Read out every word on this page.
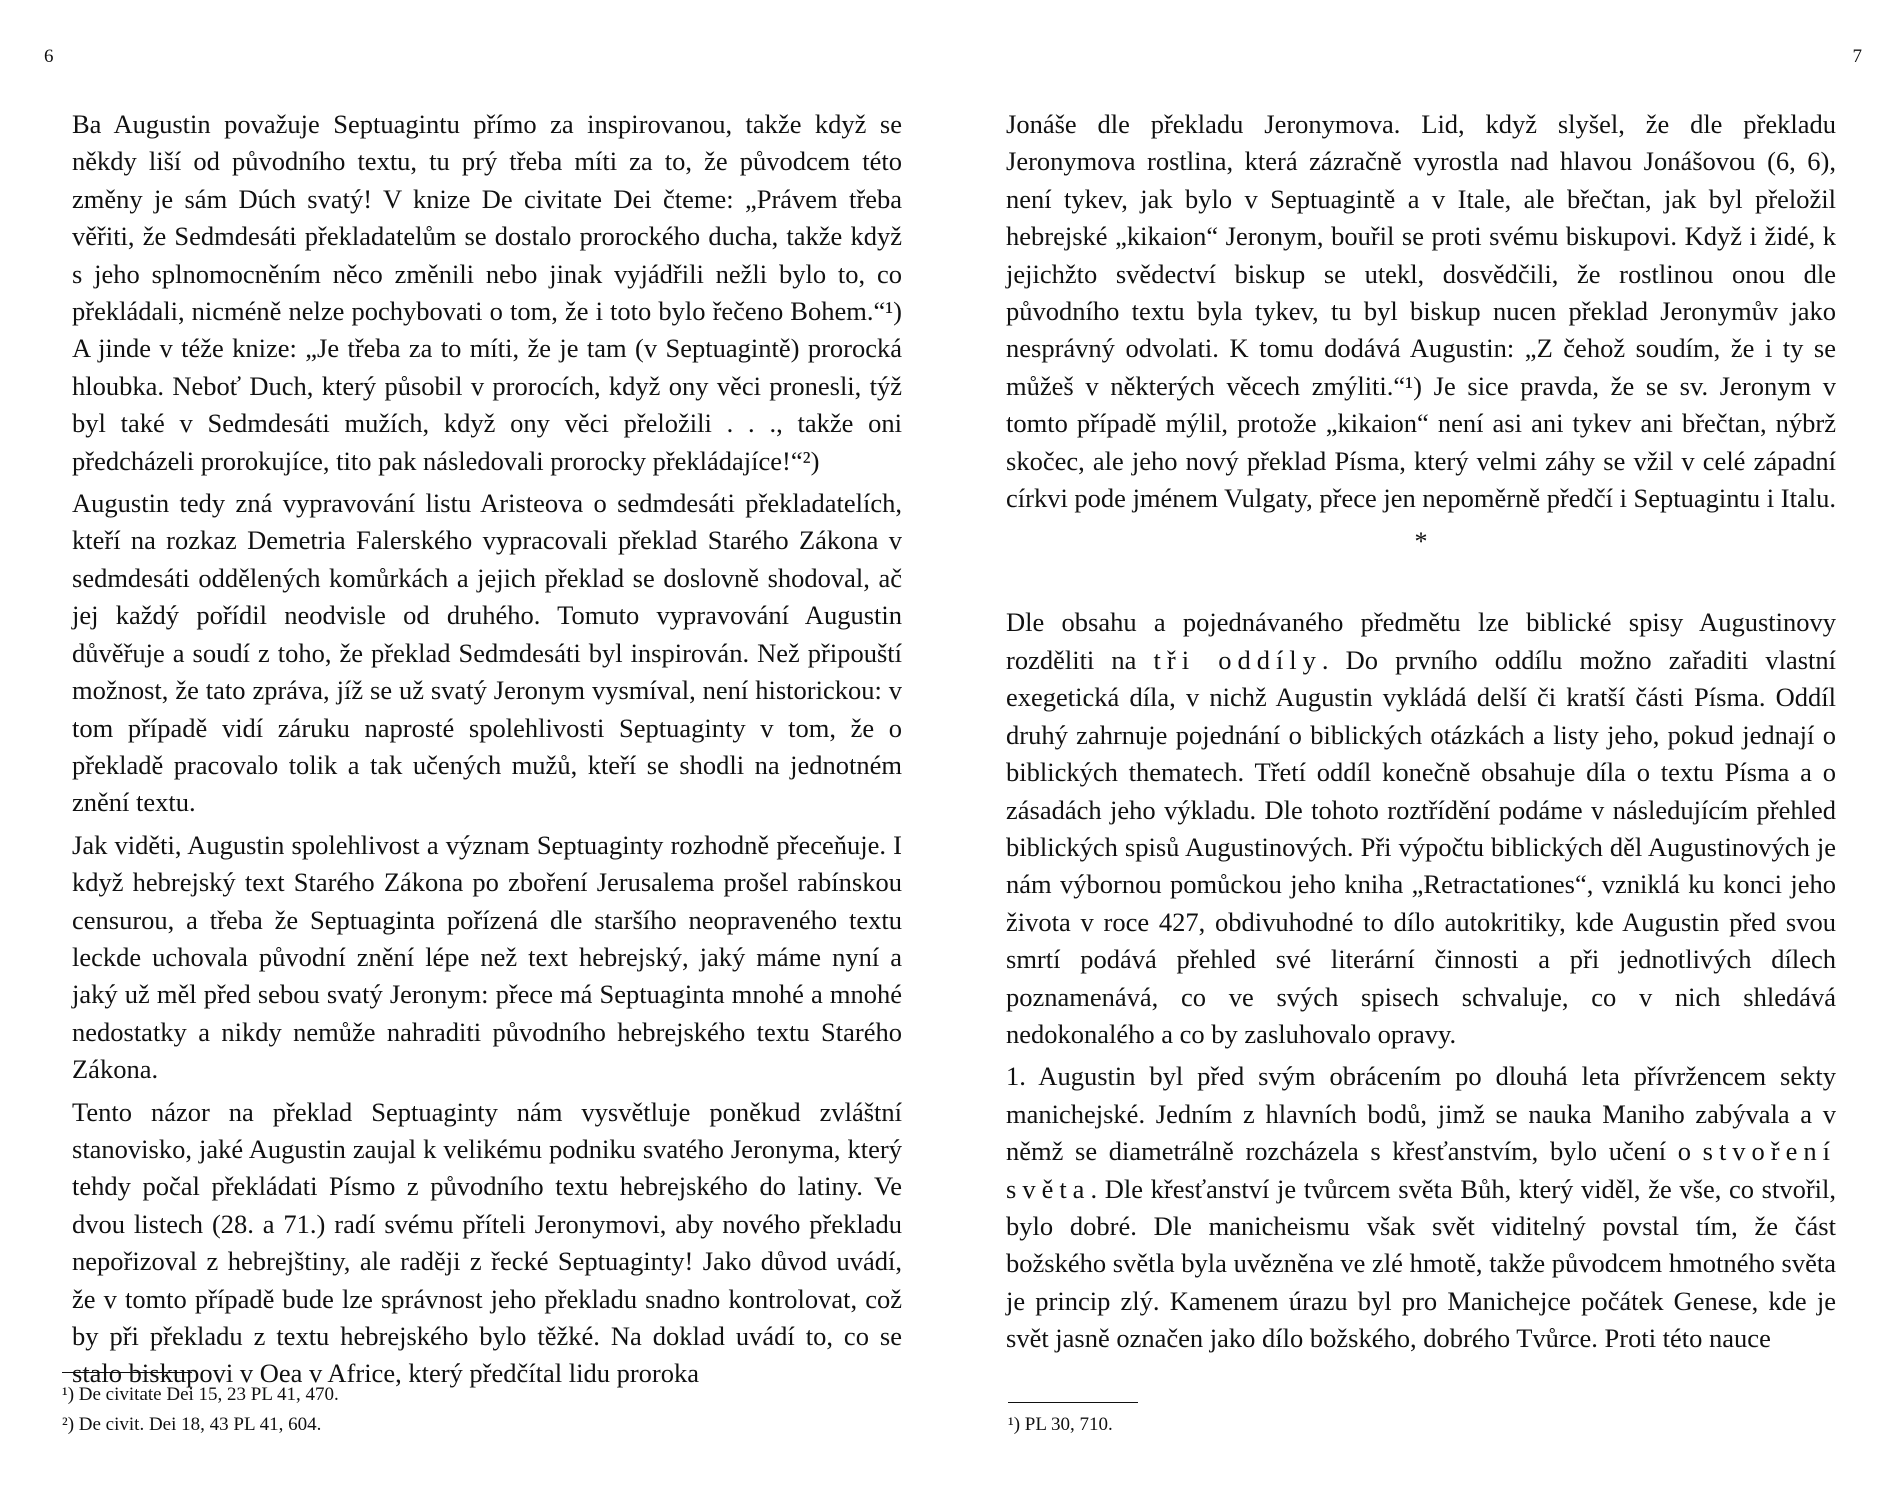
6

Ba Augustin považuje Septuagintu přímo za inspirovanou, takže když se někdy liší od původního textu, tu prý třeba míti za to, že původcem této změny je sám Dúch svatý! V knize De civitate Dei čteme: „Právem třeba věřiti, že Sedmdesáti překladatelům se dostalo prorockého ducha, takže když s jeho splnomocněním něco změnili nebo jinak vyjádřili nežli bylo to, co překládali, nicméně nelze pochybovati o tom, že i toto bylo řečeno Bohem.“¹) A jinde v téže knize: „Je třeba za to míti, že je tam (v Septuagintě) prorocká hloubka. Neboť Duch, který působil v prorocích, když ony věci pronesli, týž byl také v Sedmdesáti mužích, když ony věci přeložili . . ., takže oni předcházeli prorokujíce, tito pak následovali prorocky překládajíce!“²)

Augustin tedy zná vypravování listu Aristeova o sedmdesáti překladatelích, kteří na rozkaz Demetria Falerského vypracovali překlad Starého Zákona v sedmdesáti oddělených komůrkách a jejich překlad se doslovně shodoval, ač jej každý pořídil neodvisle od druhého. Tomuto vypravování Augustin důvěřuje a soudí z toho, že překlad Sedmdesáti byl inspirován. Než připouští možnost, že tato zpráva, jíž se už svatý Jeronym vysmíval, není historickou: v tom případě vidí záruku naprosté spolehlivosti Septuaginty v tom, že o překladě pracovalo tolik a tak učených mužů, kteří se shodli na jednotném znění textu.

Jak viděti, Augustin spolehlivost a význam Septuaginty rozhodně přeceňuje. I když hebrejský text Starého Zákona po zboření Jerusalema prošel rabínskou censurou, a třeba že Septuaginta pořízená dle staršího neopraveného textu leckde uchovala původní znění lépe než text hebrejský, jaký máme nyní a jaký už měl před sebou svatý Jeronym: přece má Septuaginta mnohé a mnohé nedostatky a nikdy nemůže nahraditi původního hebrejského textu Starého Zákona.

Tento názor na překlad Septuaginty nám vysvětluje poněkud zvláštní stanovisko, jaké Augustin zaujal k velikému podniku svatého Jeronyma, který tehdy počal překládati Písmo z původního textu hebrejského do latiny. Ve dvou listech (28. a 71.) radí svému příteli Jeronymovi, aby nového překladu nepořizoval z hebrejštiny, ale raději z řecké Septuaginty! Jako důvod uvádí, že v tomto případě bude lze správnost jeho překladu snadno kontrolovat, což by při překladu z textu hebrejského bylo těžké. Na doklad uvádí to, co se stalo biskupovi v Oea v Africe, který předčítal lidu proroka

¹) De civitate Dei 15, 23 PL 41, 470.
²) De civit. Dei 18, 43 PL 41, 604.
7

Jonáše dle překladu Jeronymova. Lid, když slyšel, že dle překladu Jeronymova rostlina, která zázračně vyrostla nad hlavou Jonášovou (6, 6), není tykev, jak bylo v Septuagintě a v Itale, ale břečtan, jak byl přeložil hebrejské „kikaion“ Jeronym, bouřil se proti svému biskupovi. Když i židé, k jejichžto svědectví biskup se utekl, dosvědčili, že rostlinou onou dle původního textu byla tykev, tu byl biskup nucen překlad Jeronymův jako nesprávný odvolati. K tomu dodává Augustin: „Z čehož soudím, že i ty se můžeš v některých věcech zmýliti.“¹) Je sice pravda, že se sv. Jeronym v tomto případě mýlil, protože „kikaion“ není asi ani tykev ani břečtan, nýbrž skočec, ale jeho nový překlad Písma, který velmi záhy se vžil v celé západní církvi pode jménem Vulgaty, přece jen nepoměrně předčí i Septuagintu i Italu.

*

Dle obsahu a pojednávaného předmětu lze biblické spisy Augustinovy rozděliti na tři oddíly. Do prvního oddílu možno zařaditi vlastní exegetická díla, v nichž Augustin vykládá delší či kratší části Písma. Oddíl druhý zahrnuje pojednání o biblických otázkách a listy jeho, pokud jednají o biblických thematech. Třetí oddíl konečně obsahuje díla o textu Písma a o zásadách jeho výkladu. Dle tohoto roztřídění podáme v následujícím přehled biblických spisů Augustinových. Při výpočtu biblických děl Augustinových je nám výbornou pomůckou jeho kniha „Retractationes“, vzniklá ku konci jeho života v roce 427, obdivuhodné to dílo autokritiky, kde Augustin před svou smrtí podává přehled své literární činnosti a při jednotlivých dílech poznamenává, co ve svých spisech schvaluje, co v nich shledává nedokonalého a co by zasluhovalo opravy.

1. Augustin byl před svým obrácením po dlouhá leta přívržencem sekty manichejské. Jedním z hlavních bodů, jimž se nauka Maniho zabývala a v němž se diametrálně rozcházela s křesťanstvím, bylo učení o stvoření světa. Dle křesťanství je tvůrcem světa Bůh, který viděl, že vše, co stvořil, bylo dobré. Dle manicheismu však svět viditelný povstal tím, že část božského světla byla uvězněna ve zlé hmotě, takže původcem hmotného světa je princip zlý. Kamenem úrazu byl pro Manichejce počátek Genese, kde je svět jasně označen jako dílo božského, dobrého Tvůrce. Proti této nauce

¹) PL 30, 710.
